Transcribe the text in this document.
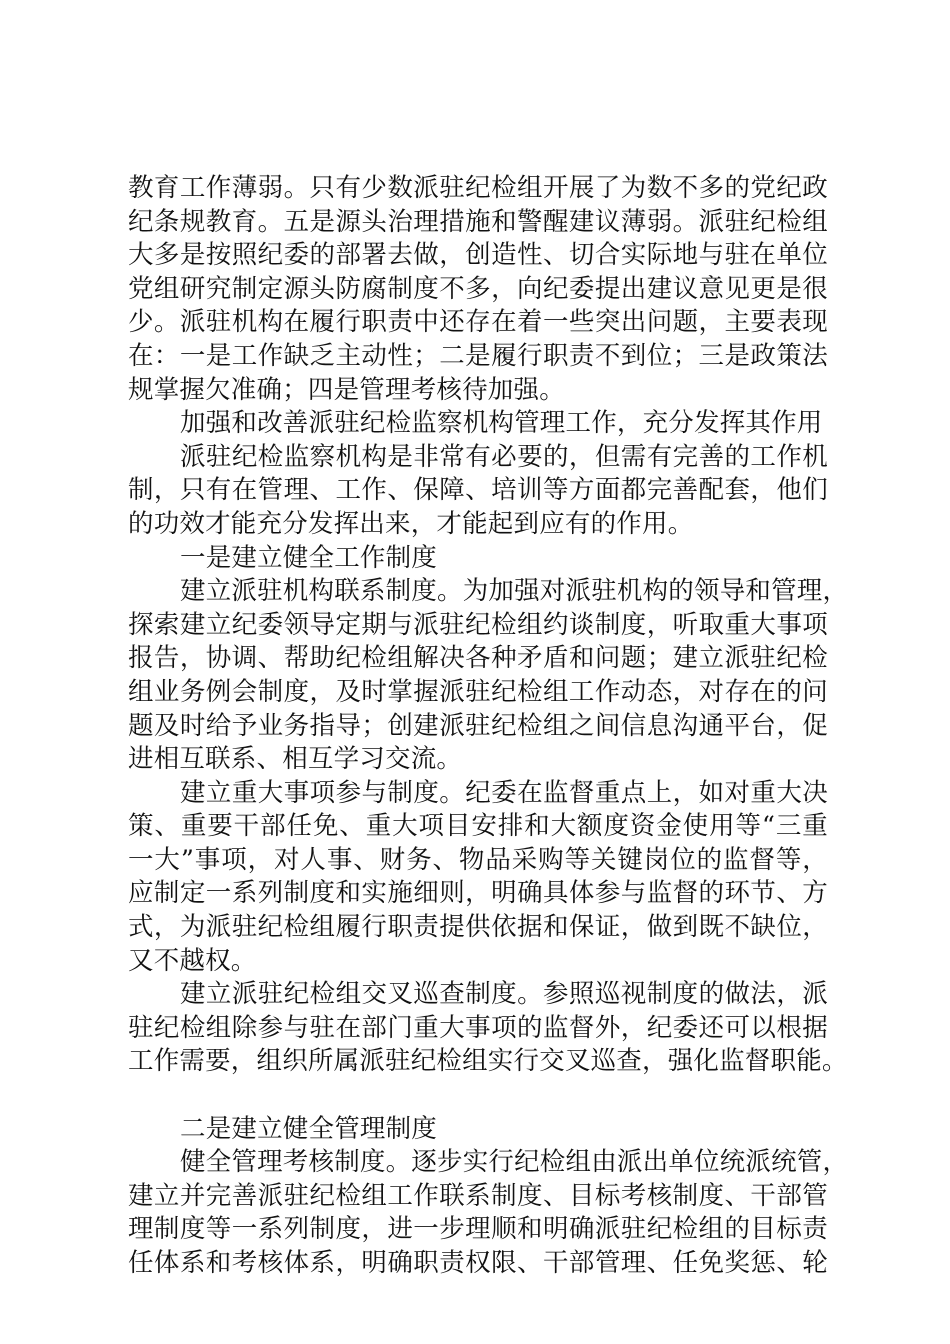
教育工作薄弱。只有少数派驻纪检组开展了为数不多的党纪政
纪条规教育。五是源头治理措施和警醒建议薄弱。派驻纪检组
大多是按照纪委的部署去做，创造性、切合实际地与驻在单位
党组研究制定源头防腐制度不多，向纪委提出建议意见更是很
少。派驻机构在履行职责中还存在着一些突出问题，主要表现
在：一是工作缺乏主动性；二是履行职责不到位；三是政策法
规掌握欠准确；四是管理考核待加强。
加强和改善派驻纪检监察机构管理工作，充分发挥其作用
派驻纪检监察机构是非常有必要的，但需有完善的工作机
制，只有在管理、工作、保障、培训等方面都完善配套，他们
的功效才能充分发挥出来，才能起到应有的作用。
一是建立健全工作制度
建立派驻机构联系制度。为加强对派驻机构的领导和管理，
探索建立纪委领导定期与派驻纪检组约谈制度，听取重大事项
报告，协调、帮助纪检组解决各种矛盾和问题；建立派驻纪检
组业务例会制度，及时掌握派驻纪检组工作动态，对存在的问
题及时给予业务指导；创建派驻纪检组之间信息沟通平台，促
进相互联系、相互学习交流。
建立重大事项参与制度。纪委在监督重点上，如对重大决
策、重要干部任免、重大项目安排和大额度资金使用等“三重
一大”事项，对人事、财务、物品采购等关键岗位的监督等，
应制定一系列制度和实施细则，明确具体参与监督的环节、方
式，为派驻纪检组履行职责提供依据和保证，做到既不缺位，
又不越权。
建立派驻纪检组交叉巡查制度。参照巡视制度的做法，派
驻纪检组除参与驻在部门重大事项的监督外，纪委还可以根据
工作需要，组织所属派驻纪检组实行交叉巡查，强化监督职能。
二是建立健全管理制度
健全管理考核制度。逐步实行纪检组由派出单位统派统管，
建立并完善派驻纪检组工作联系制度、目标考核制度、干部管
理制度等一系列制度，进一步理顺和明确派驻纪检组的目标责
任体系和考核体系，明确职责权限、干部管理、任免奖惩、轮
